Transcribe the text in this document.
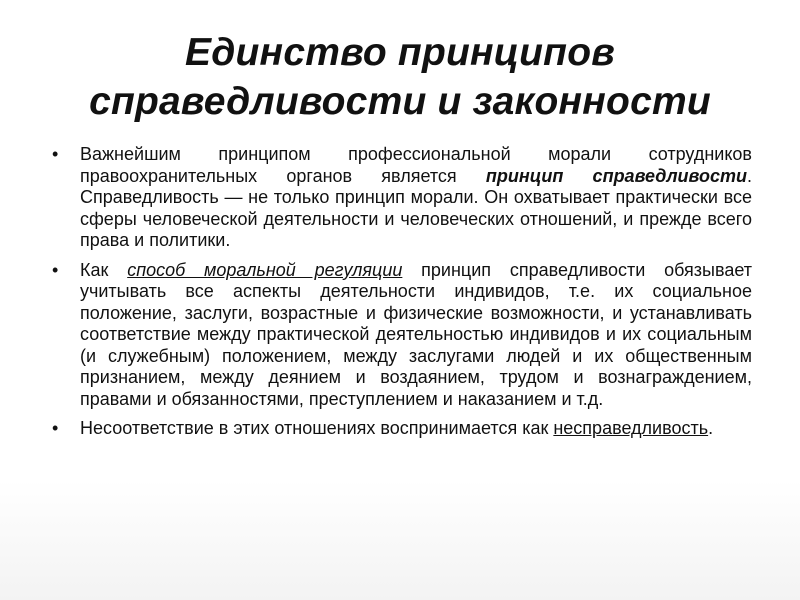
Единство принципов
справедливости и законности
• Важнейшим принципом профессиональной морали сотрудников правоохранительных органов является принцип справедливости. Справедливость — не только принцип морали. Он охватывает практически все сферы человеческой деятельности и человеческих отношений, и прежде всего права и политики.
• Как способ моральной регуляции принцип справедливости обязывает учитывать все аспекты деятельности индивидов, т.е. их социальное положение, заслуги, возрастные и физические возможности, и устанавливать соответствие между практической деятельностью индивидов и их социальным (и служебным) положением, между заслугами людей и их общественным признанием, между деянием и воздаянием, трудом и вознаграждением, правами и обязанностями, преступлением и наказанием и т.д.
• Несоответствие в этих отношениях воспринимается как несправедливость.
